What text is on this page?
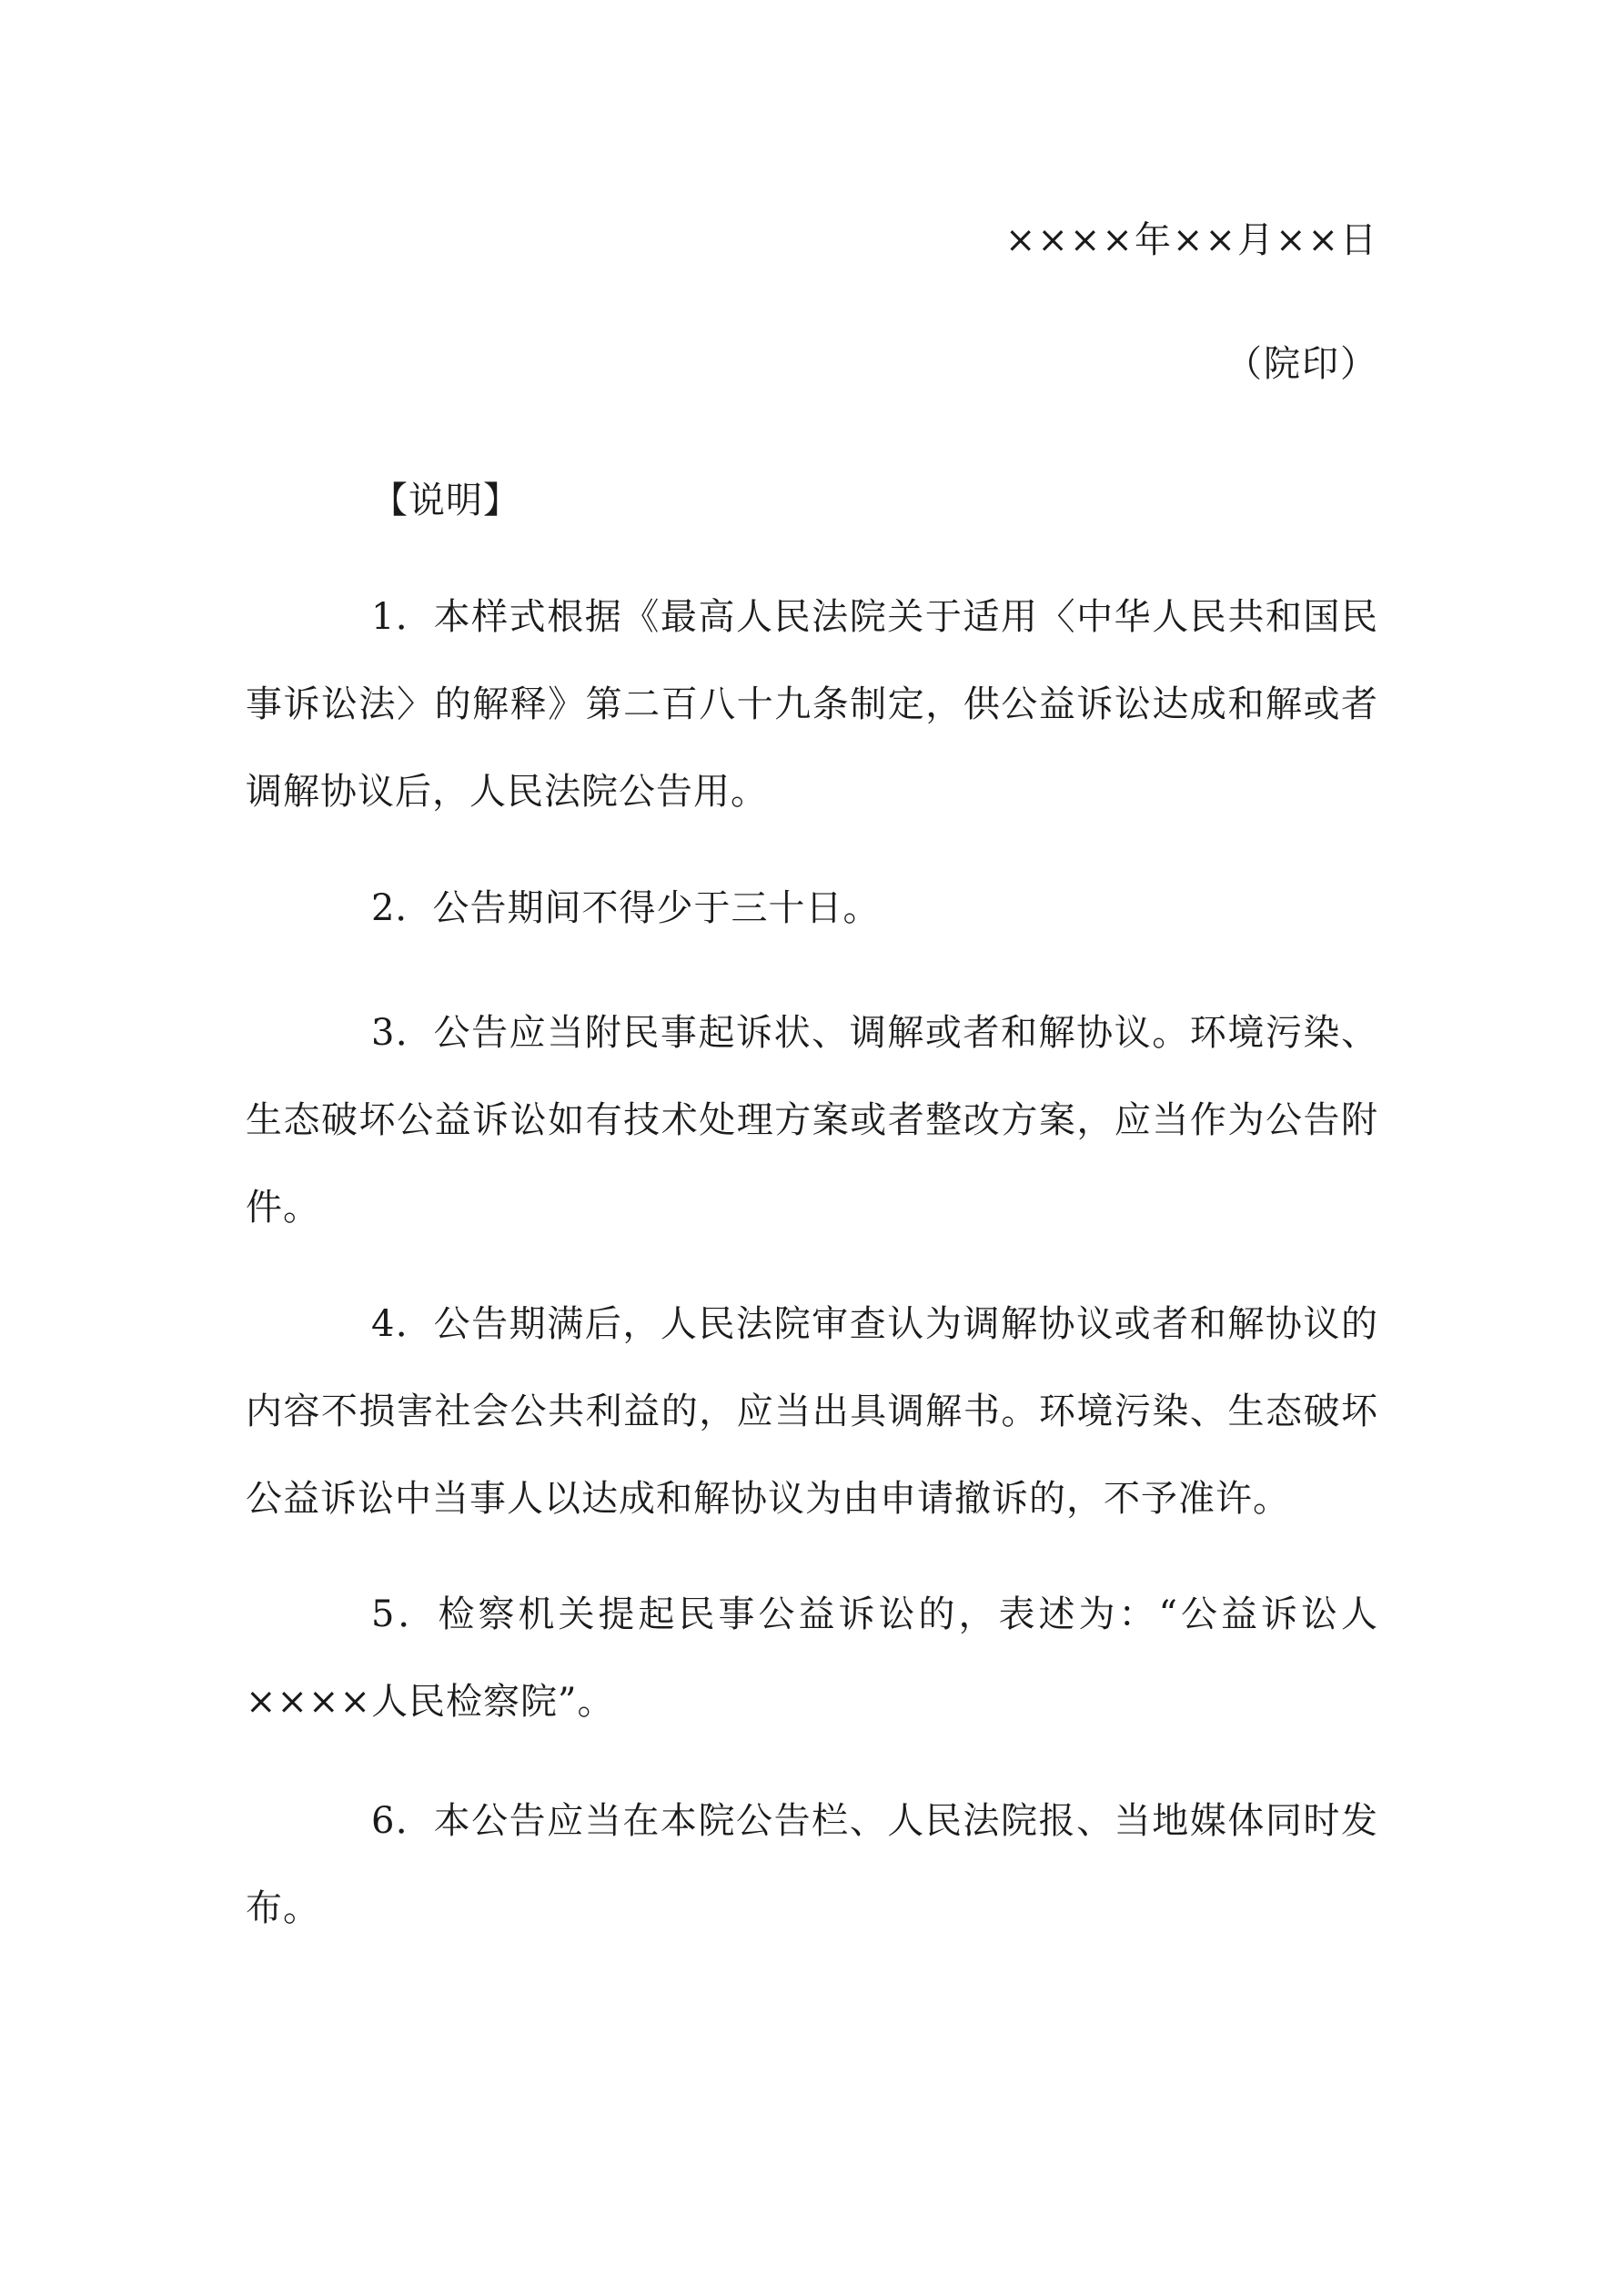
××××年××月××日
（院印）
【说明】

1．本样式根据《最高人民法院关于适用〈中华人民共和国民事诉讼法〉的解释》第二百八十九条制定，供公益诉讼达成和解或者调解协议后，人民法院公告用。

2．公告期间不得少于三十日。

3．公告应当附民事起诉状、调解或者和解协议。环境污染、生态破坏公益诉讼如有技术处理方案或者整改方案，应当作为公告附件。

4．公告期满后，人民法院审查认为调解协议或者和解协议的内容不损害社会公共利益的，应当出具调解书。环境污染、生态破坏公益诉讼中当事人以达成和解协议为由申请撤诉的，不予准许。

5．检察机关提起民事公益诉讼的，表述为：“公益诉讼人××××人民检察院”。

6．本公告应当在本院公告栏、人民法院报、当地媒体同时发布。
